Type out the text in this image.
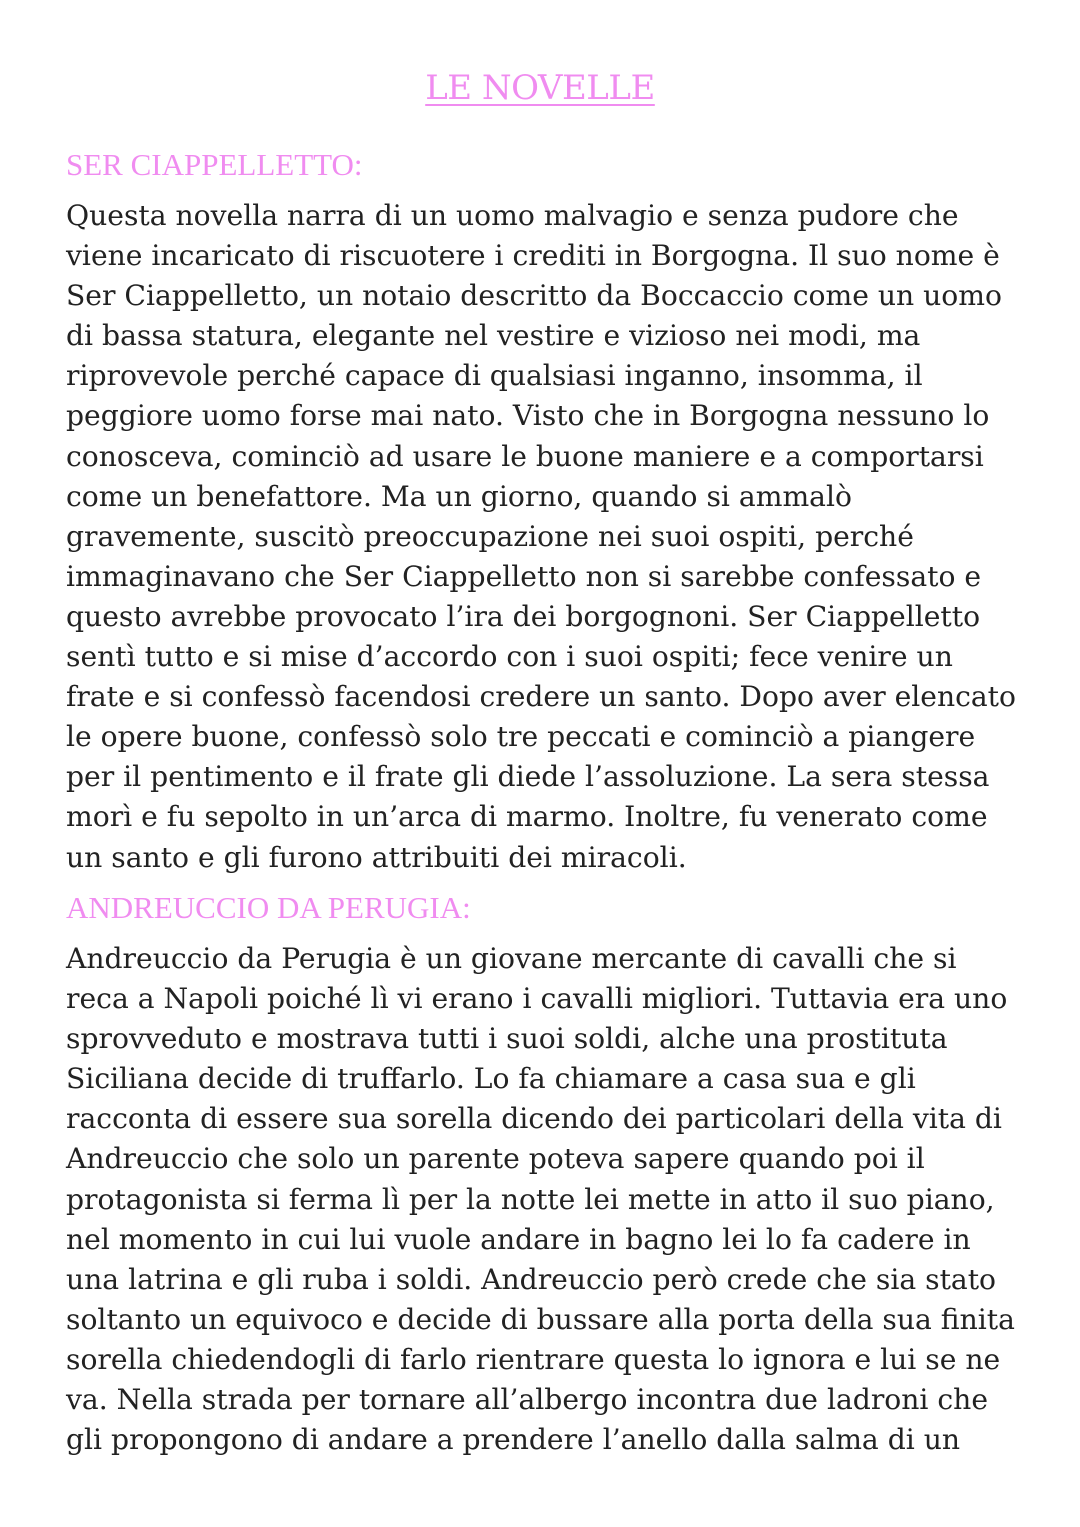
LE NOVELLE
SER CIAPPELLETTO:
Questa novella narra di un uomo malvagio e senza pudore che
viene incaricato di riscuotere i crediti in Borgogna. Il suo nome è
Ser Ciappelletto, un notaio descritto da Boccaccio come un uomo
di bassa statura, elegante nel vestire e vizioso nei modi, ma
riprovevole perché capace di qualsiasi inganno, insomma, il
peggiore uomo forse mai nato. Visto che in Borgogna nessuno lo
conosceva, cominciò ad usare le buone maniere e a comportarsi
come un benefattore. Ma un giorno, quando si ammalò
gravemente, suscitò preoccupazione nei suoi ospiti, perché
immaginavano che Ser Ciappelletto non si sarebbe confessato e
questo avrebbe provocato l’ira dei borgognoni. Ser Ciappelletto
sentì tutto e si mise d’accordo con i suoi ospiti; fece venire un
frate e si confessò facendosi credere un santo. Dopo aver elencato
le opere buone, confessò solo tre peccati e cominciò a piangere
per il pentimento e il frate gli diede l’assoluzione. La sera stessa
morì e fu sepolto in un’arca di marmo. Inoltre, fu venerato come
un santo e gli furono attribuiti dei miracoli.
ANDREUCCIO DA PERUGIA:
Andreuccio da Perugia è un giovane mercante di cavalli che si
reca a Napoli poiché lì vi erano i cavalli migliori. Tuttavia era uno
sprovveduto e mostrava tutti i suoi soldi, alche una prostituta
Siciliana decide di truffarlo. Lo fa chiamare a casa sua e gli
racconta di essere sua sorella dicendo dei particolari della vita di
Andreuccio che solo un parente poteva sapere quando poi il
protagonista si ferma lì per la notte lei mette in atto il suo piano,
nel momento in cui lui vuole andare in bagno lei lo fa cadere in
una latrina e gli ruba i soldi. Andreuccio però crede che sia stato
soltanto un equivoco e decide di bussare alla porta della sua finita
sorella chiedendogli di farlo rientrare questa lo ignora e lui se ne
va. Nella strada per tornare all’albergo incontra due ladroni che
gli propongono di andare a prendere l’anello dalla salma di un
